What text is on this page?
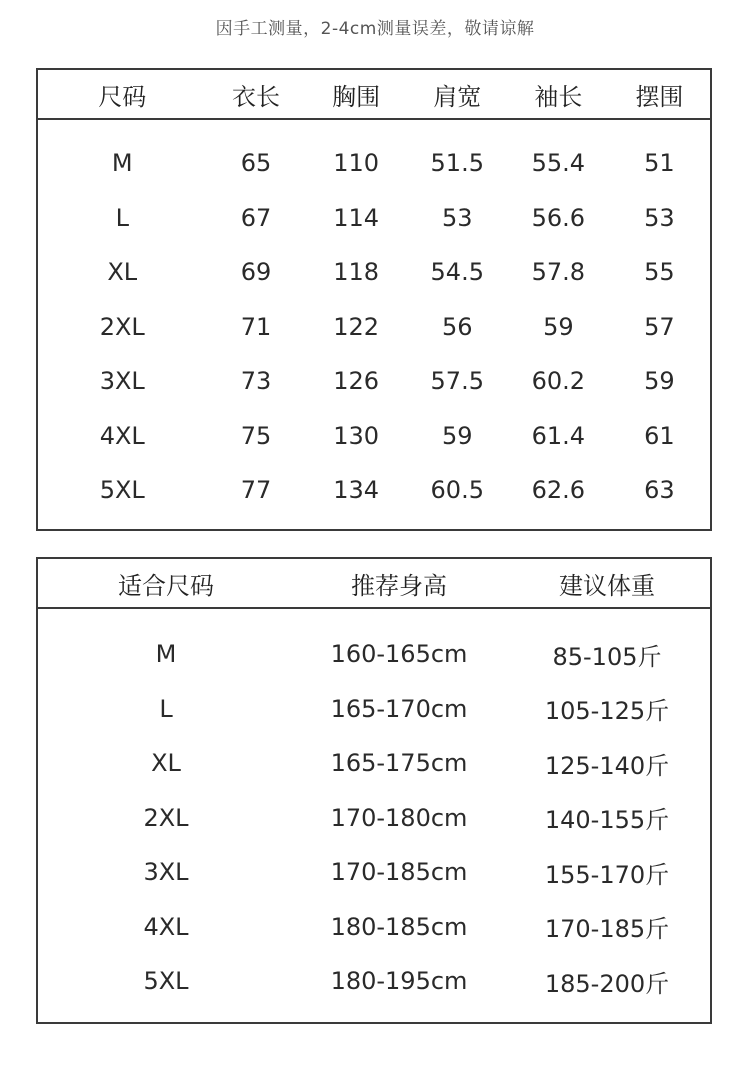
因手工测量，2-4cm测量误差，敬请谅解
尺码	衣长	胸围	肩宽	袖长	摆围
M	65	110	51.5	55.4	51
L	67	114	53	56.6	53
XL	69	118	54.5	57.8	55
2XL	71	122	56	59	57
3XL	73	126	57.5	60.2	59
4XL	75	130	59	61.4	61
5XL	77	134	60.5	62.6	63
适合尺码	推荐身高	建议体重
M	160-165cm	85-105斤
L	165-170cm	105-125斤
XL	165-175cm	125-140斤
2XL	170-180cm	140-155斤
3XL	170-185cm	155-170斤
4XL	180-185cm	170-185斤
5XL	180-195cm	185-200斤
